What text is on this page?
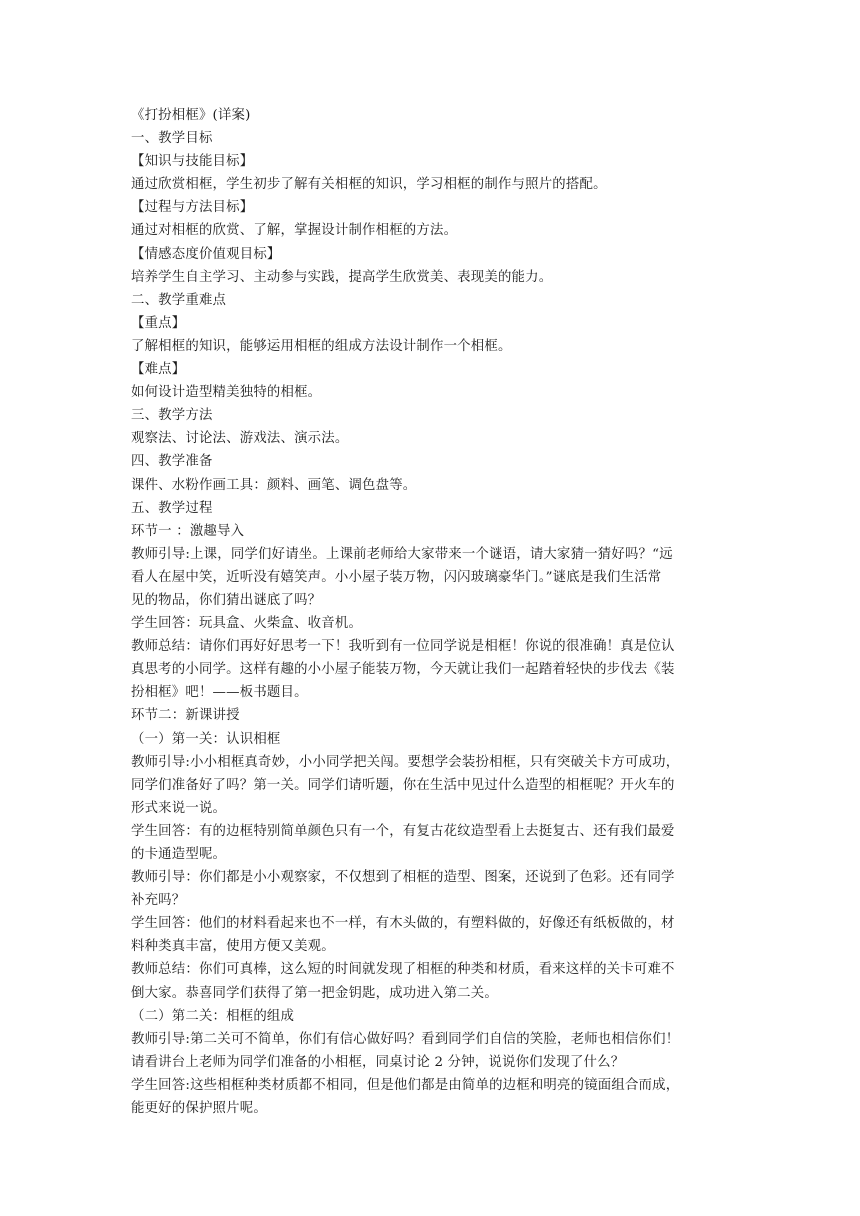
《打扮相框》(详案)
一、教学目标
【知识与技能目标】
通过欣赏相框，学生初步了解有关相框的知识，学习相框的制作与照片的搭配。
【过程与方法目标】
通过对相框的欣赏、了解，掌握设计制作相框的方法。
【情感态度价值观目标】
培养学生自主学习、主动参与实践，提高学生欣赏美、表现美的能力。
二、教学重难点
【重点】
了解相框的知识，能够运用相框的组成方法设计制作一个相框。
【难点】
如何设计造型精美独特的相框。
三、教学方法
观察法、讨论法、游戏法、演示法。
四、教学准备
课件、水粉作画工具：颜料、画笔、调色盘等。
五、教学过程
环节一 ：激趣导入
教师引导:上课，同学们好请坐。上课前老师给大家带来一个谜语，请大家猜一猜好吗？“远
看人在屋中笑，近听没有嬉笑声。小小屋子装万物，闪闪玻璃豪华门。”谜底是我们生活常
见的物品，你们猜出谜底了吗？
学生回答：玩具盒、火柴盒、收音机。
教师总结：请你们再好好思考一下！我听到有一位同学说是相框！你说的很准确！真是位认
真思考的小同学。这样有趣的小小屋子能装万物，今天就让我们一起踏着轻快的步伐去《装
扮相框》吧！——板书题目。
环节二：新课讲授
（一）第一关：认识相框
教师引导:小小相框真奇妙，小小同学把关闯。要想学会装扮相框，只有突破关卡方可成功，
同学们准备好了吗？第一关。同学们请听题，你在生活中见过什么造型的相框呢？开火车的
形式来说一说。
学生回答：有的边框特别简单颜色只有一个，有复古花纹造型看上去挺复古、还有我们最爱
的卡通造型呢。
教师引导：你们都是小小观察家，不仅想到了相框的造型、图案，还说到了色彩。还有同学
补充吗？
学生回答：他们的材料看起来也不一样，有木头做的，有塑料做的，好像还有纸板做的，材
料种类真丰富，使用方便又美观。
教师总结：你们可真棒，这么短的时间就发现了相框的种类和材质，看来这样的关卡可难不
倒大家。恭喜同学们获得了第一把金钥匙，成功进入第二关。
（二）第二关：相框的组成
教师引导:第二关可不简单，你们有信心做好吗？看到同学们自信的笑脸，老师也相信你们！
请看讲台上老师为同学们准备的小相框，同桌讨论 2 分钟，说说你们发现了什么？
学生回答:这些相框种类材质都不相同，但是他们都是由简单的边框和明亮的镜面组合而成，
能更好的保护照片呢。
